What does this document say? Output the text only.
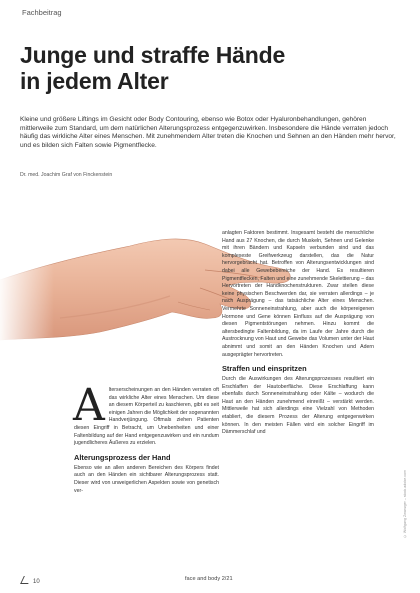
Fachbeitrag
Junge und straffe Hände
in jedem Alter

Kleine und größere Liftings im Gesicht oder Body Contouring, ebenso wie Botox oder Hyaluronbehandlungen, gehören mittlerweile zum Standard, um dem natürlichen Alterungsprozess entgegenzuwirken. Insbesondere die Hände verraten jedoch häufig das wirkliche Alter eines Menschen. Mit zunehmendem Alter treten die Knochen und Sehnen an den Händen mehr hervor, und es bilden sich Falten sowie Pigmentflecke.

Dr. med. Joachim Graf von Finckenstein

A lterserscheinungen an den Händen verraten oft das wirkliche Alter eines Menschen. Um diese an diesem Körperteil zu kaschieren, gibt es seit einigen Jahren die Möglichkeit der sogenannten Handverjüngung. Oftmals ziehen Patienten diesen Eingriff in Betracht, um Unebenheiten und einer Faltenbildung auf der Hand entgegenzuwirken und ein rundum jugendlicheres Äußeres zu erzielen.

Alterungsprozess der Hand

Ebenso wie an allen anderen Bereichen des Körpers findet auch an den Händen ein sichtbarer Alterungsprozess statt. Dieser wird von unweigerlichen Aspekten sowie von genetisch ver-

anlagten Faktoren bestimmt. Insgesamt besteht die menschliche Hand aus 27 Knochen, die durch Muskeln, Sehnen und Gelenke mit ihren Bändern und Kapseln verbunden sind und das komplexeste Greifwerkzeug darstellen, das die Natur hervorgebracht hat. Betroffen von Alterungsentwicklungen sind dabei alle Gewebebereiche der Hand. Es resultieren Pigmentflecken, Falten und eine zunehmende Skelettierung – das Hervortreten der Handknochenstrukturen. Zwar stellen diese keine physischen Beschwerden dar, sie verraten allerdings – je nach Ausprägung – das tatsächliche Alter eines Menschen. Vermehrte Sonneneinstrahlung, aber auch die körpereigenen Hormone und Gene können Einfluss auf die Ausprägung von diesen Pigmentstörungen nehmen. Hinzu kommt die altersbedingte Faltenbildung, da im Laufe der Jahre durch die Austrocknung von Haut und Gewebe das Volumen unter der Haut abnimmt und somit an den Händen Knochen und Adern ausgeprägter hervortreten.

Straffen und einspritzen

Durch die Auswirkungen des Alterungsprozesses resultiert ein Erschlaffen der Hautoberfläche. Diese Erschlaffung kann ebenfalls durch Sonneneinstrahlung oder Kälte – wodurch die Haut an den Händen zunehmend einreißt – verstärkt werden. Mittlerweile hat sich allerdings eine Vielzahl von Methoden etabliert, die diesem Prozess der Alterung entgegenwirken können. In den meisten Fällen wird ein solcher Eingriff im Dämmerschlaf und

10	face and body 2/21
© Wolfgang Zwanzger – stock.adobe.com
